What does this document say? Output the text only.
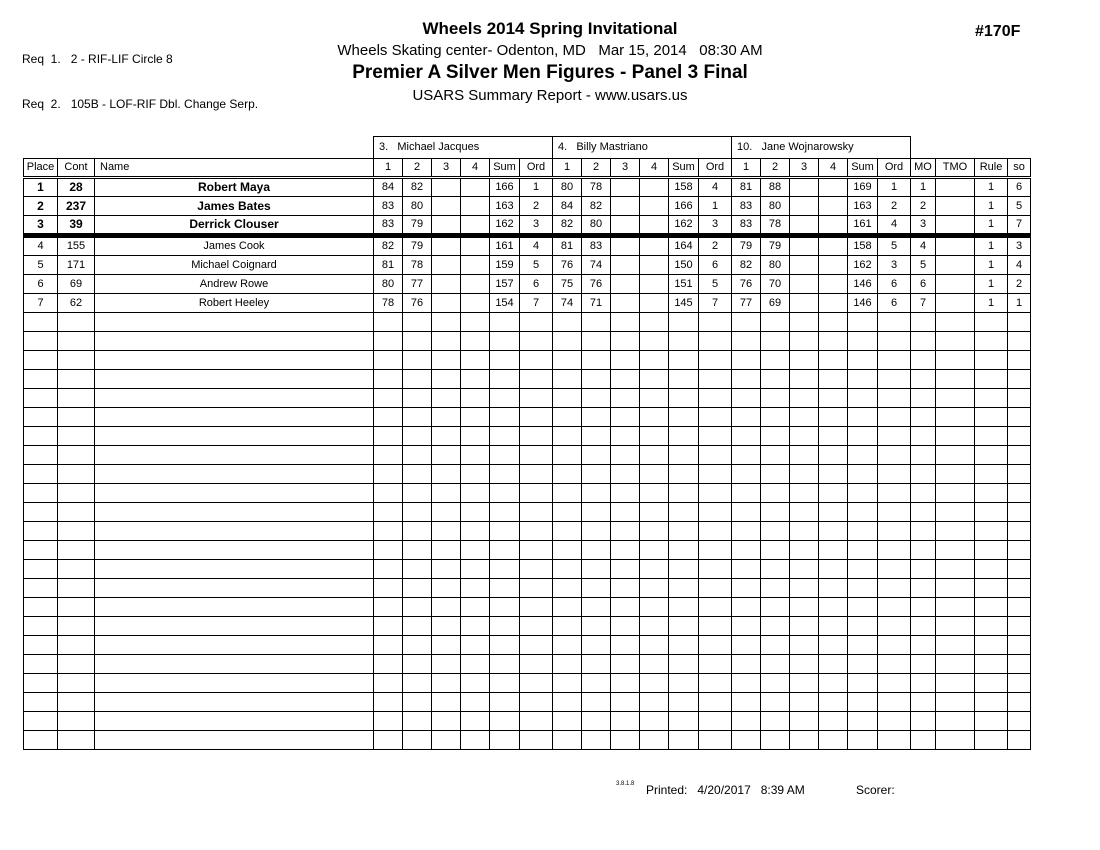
Req  1.   2 - RIF-LIF Circle 8

Req  2.   105B - LOF-RIF Dbl. Change Serp.

Wheels 2014 Spring Invitational
Wheels Skating center- Odenton, MD   Mar 15, 2014   08:30 AM
Premier A Silver Men Figures - Panel 3 Final
USARS Summary Report - www.usars.us
#170F
			3.   Michael Jacques						4.   Billy Mastriano						10.   Jane Wojnarowsky									
Place	Cont	Name	1	2	3	4	Sum	Ord	1	2	3	4	Sum	Ord	1	2	3	4	Sum	Ord	MO	TMO	Rule	so
1	28	Robert Maya	84	82			166	1	80	78			158	4	81	88			169	1	1		1	6
2	237	James Bates	83	80			163	2	84	82			166	1	83	80			163	2	2		1	5
3	39	Derrick Clouser	83	79			162	3	82	80			162	3	83	78			161	4	3		1	7
4	155	James Cook	82	79			161	4	81	83			164	2	79	79			158	5	4		1	3
5	171	Michael Coignard	81	78			159	5	76	74			150	6	82	80			162	3	5		1	4
6	69	Andrew Rowe	80	77			157	6	75	76			151	5	76	70			146	6	6		1	2
7	62	Robert Heeley	78	76			154	7	74	71			145	7	77	69			146	6	7		1	1

3.8.1.8 Printed:   4/20/2017   8:39 AM	Scorer:
